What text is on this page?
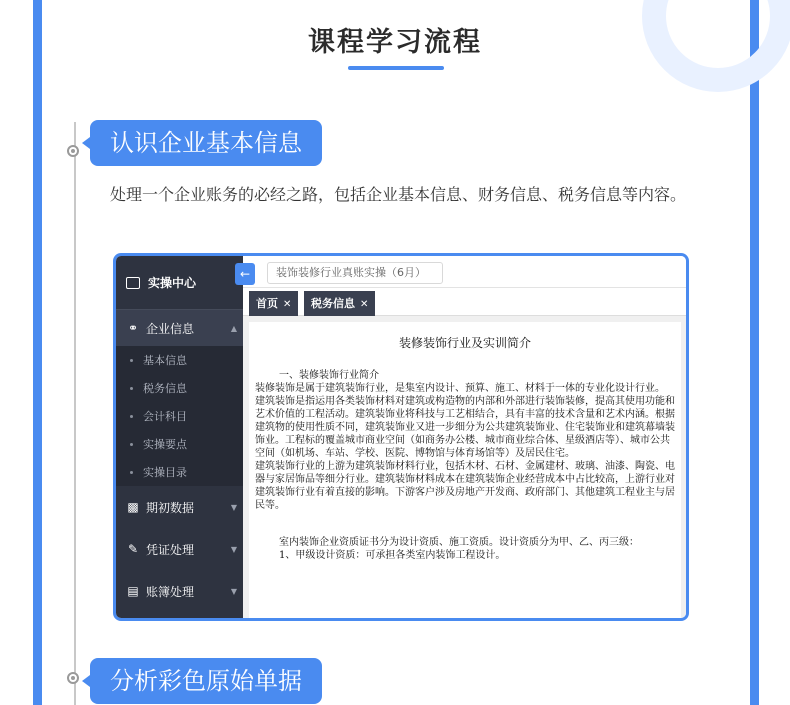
课程学习流程
认识企业基本信息
处理一个企业账务的必经之路，包括企业基本信息、财务信息、税务信息等内容。
实操中心
⚭ 企业信息	▲
基本信息
税务信息
会计科目
实操要点
实操目录
▩ 期初数据	▼
✎ 凭证处理	▼
▤ 账簿处理	▼
←	装饰装修行业真账实操（6月）
首页 ✕	税务信息 ✕
装修装饰行业及实训简介

一、装修装饰行业简介

装修装饰是属于建筑装饰行业，是集室内设计、预算、施工、材料于一体的专业化设计行业。

建筑装饰是指运用各类装饰材料对建筑或构造物的内部和外部进行装饰装修，提高其使用功能和艺术价值的工程活动。建筑装饰业将科技与工艺相结合，具有丰富的技术含量和艺术内涵。根据建筑物的使用性质不同，建筑装饰业又进一步细分为公共建筑装饰业、住宅装饰业和建筑幕墙装饰业。工程标的覆盖城市商业空间（如商务办公楼、城市商业综合体、星级酒店等）、城市公共空间（如机场、车站、学校、医院、博物馆与体育场馆等）及居民住宅。

建筑装饰行业的上游为建筑装饰材料行业，包括木材、石材、金属建材、玻璃、油漆、陶瓷、电器与家居饰品等细分行业。建筑装饰材料成本在建筑装饰企业经营成本中占比较高，上游行业对建筑装饰行业有着直接的影响。下游客户涉及房地产开发商、政府部门、其他建筑工程业主与居民等。

室内装饰企业资质证书分为设计资质、施工资质。设计资质分为甲、乙、丙三级：

1、甲级设计资质：可承担各类室内装饰工程设计。

分析彩色原始单据
